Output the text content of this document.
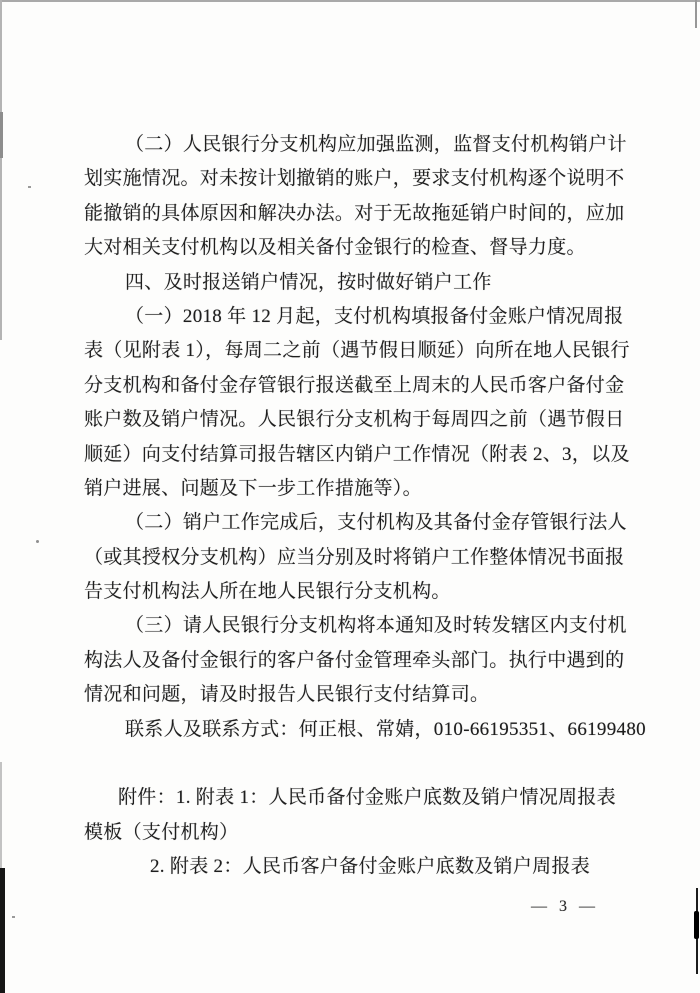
（二）人民银行分支机构应加强监测，监督支付机构销户计
划实施情况。对未按计划撤销的账户，要求支付机构逐个说明不
能撤销的具体原因和解决办法。对于无故拖延销户时间的，应加
大对相关支付机构以及相关备付金银行的检查、督导力度。
四、及时报送销户情况，按时做好销户工作
（一）2018 年 12 月起，支付机构填报备付金账户情况周报
表（见附表 1），每周二之前（遇节假日顺延）向所在地人民银行
分支机构和备付金存管银行报送截至上周末的人民币客户备付金
账户数及销户情况。人民银行分支机构于每周四之前（遇节假日
顺延）向支付结算司报告辖区内销户工作情况（附表 2、3，以及
销户进展、问题及下一步工作措施等）。
（二）销户工作完成后，支付机构及其备付金存管银行法人
（或其授权分支机构）应当分别及时将销户工作整体情况书面报
告支付机构法人所在地人民银行分支机构。
（三）请人民银行分支机构将本通知及时转发辖区内支付机
构法人及备付金银行的客户备付金管理牵头部门。执行中遇到的
情况和问题，请及时报告人民银行支付结算司。
联系人及联系方式：何正根、常婧，010-66195351、66199480
附件：1. 附表 1：人民币备付金账户底数及销户情况周报表
模板（支付机构）
2. 附表 2：人民币客户备付金账户底数及销户周报表
— 3 —
